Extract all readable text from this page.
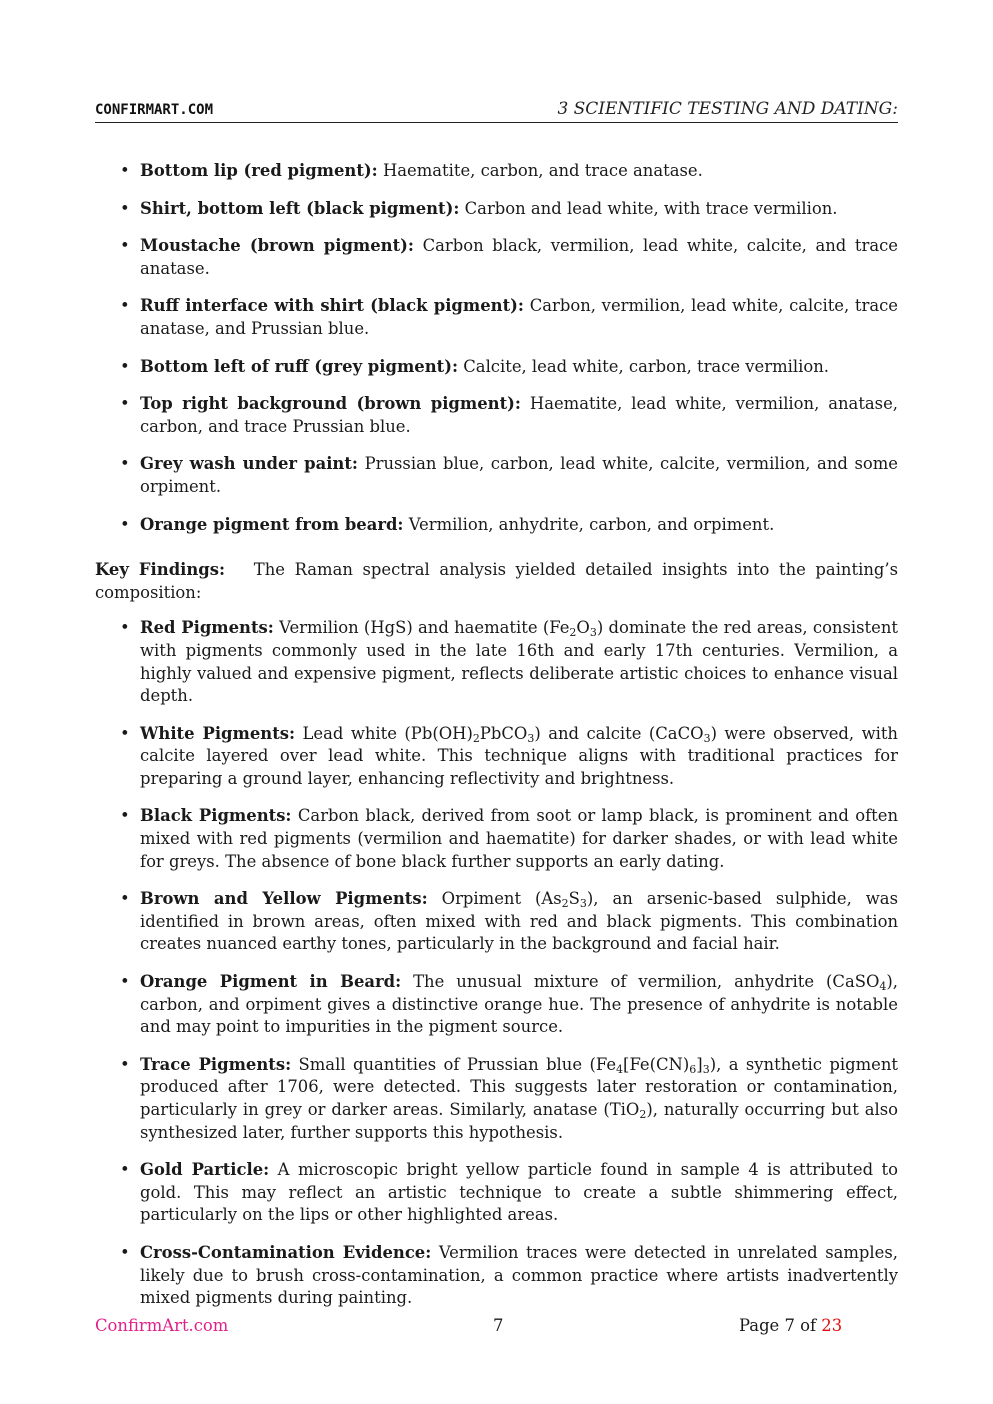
CONFIRMART.COM	3 SCIENTIFIC TESTING AND DATING:
• Bottom lip (red pigment): Haematite, carbon, and trace anatase.
• Shirt, bottom left (black pigment): Carbon and lead white, with trace vermilion.
• Moustache (brown pigment): Carbon black, vermilion, lead white, calcite, and trace anatase.
• Ruff interface with shirt (black pigment): Carbon, vermilion, lead white, calcite, trace anatase, and Prussian blue.
• Bottom left of ruff (grey pigment): Calcite, lead white, carbon, trace vermilion.
• Top right background (brown pigment): Haematite, lead white, vermilion, anatase, carbon, and trace Prussian blue.
• Grey wash under paint: Prussian blue, carbon, lead white, calcite, vermilion, and some orpiment.
• Orange pigment from beard: Vermilion, anhydrite, carbon, and orpiment.

Key Findings: The Raman spectral analysis yielded detailed insights into the painting’s composition:

• Red Pigments: Vermilion (HgS) and haematite $(Fe_2O_3)$ dominate the red areas, consistent with pigments commonly used in the late 16th and early 17th centuries. Vermilion, a highly valued and expensive pigment, reflects deliberate artistic choices to enhance visual depth.
• White Pigments: Lead white $(Pb(OH)_2PbCO_3)$ and calcite (CaCO$_3$) were observed, with calcite layered over lead white. This technique aligns with traditional practices for preparing a ground layer, enhancing reflectivity and brightness.
• Black Pigments: Carbon black, derived from soot or lamp black, is prominent and often mixed with red pigments (vermilion and haematite) for darker shades, or with lead white for greys. The absence of bone black further supports an early dating.
• Brown and Yellow Pigments: Orpiment $(As_2S_3)$, an arsenic-based sulphide, was identified in brown areas, often mixed with red and black pigments. This combination creates nuanced earthy tones, particularly in the background and facial hair.
• Orange Pigment in Beard: The unusual mixture of vermilion, anhydrite (CaSO$_4$), carbon, and orpiment gives a distinctive orange hue. The presence of anhydrite is notable and may point to impurities in the pigment source.
• Trace Pigments: Small quantities of Prussian blue $(Fe_4[Fe(CN)_6]_3)$, a synthetic pigment produced after 1706, were detected. This suggests later restoration or contamination, particularly in grey or darker areas. Similarly, anatase (TiO$_2$), naturally occurring but also synthesized later, further supports this hypothesis.
• Gold Particle: A microscopic bright yellow particle found in sample 4 is attributed to gold. This may reflect an artistic technique to create a subtle shimmering effect, particularly on the lips or other highlighted areas.
• Cross-Contamination Evidence: Vermilion traces were detected in unrelated samples, likely due to brush cross-contamination, a common practice where artists inadvertently mixed pigments during painting.
ConfirmArt.com	7	Page 7 of 23
